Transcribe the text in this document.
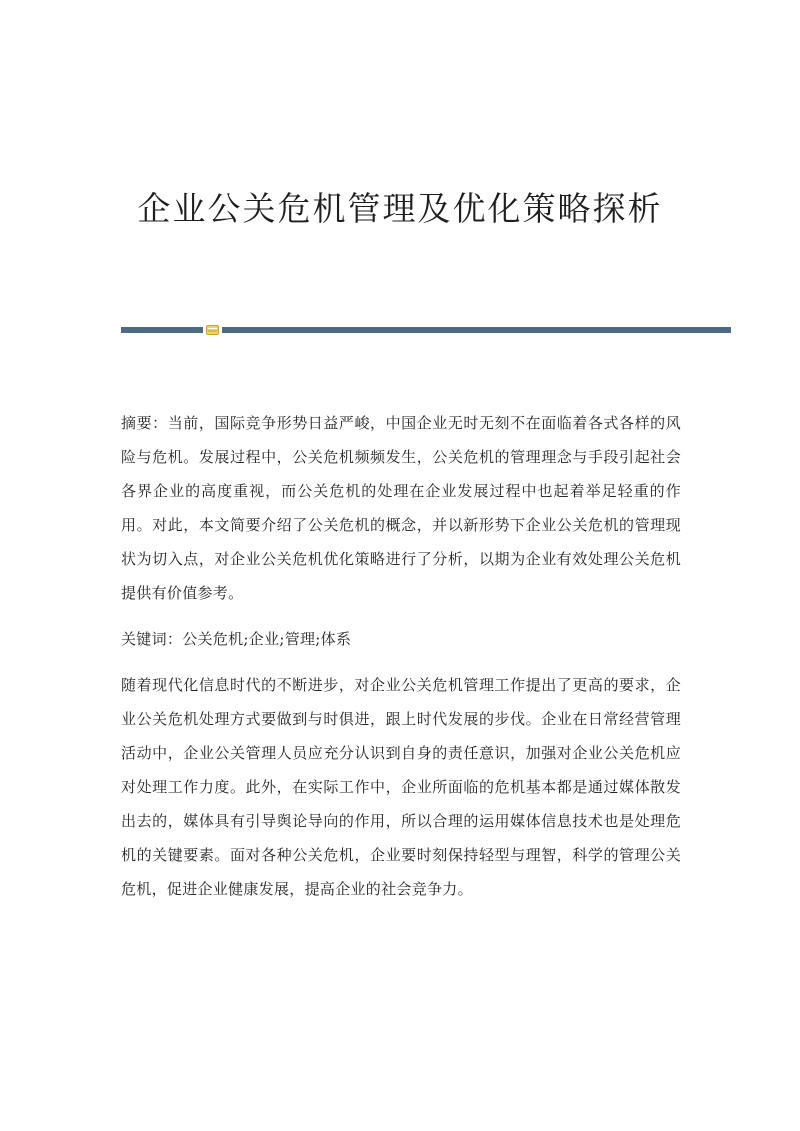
企业公关危机管理及优化策略探析

摘要：当前，国际竞争形势日益严峻，中国企业无时无刻不在面临着各式各样的风险与危机。发展过程中，公关危机频频发生，公关危机的管理理念与手段引起社会各界企业的高度重视，而公关危机的处理在企业发展过程中也起着举足轻重的作用。对此，本文简要介绍了公关危机的概念，并以新形势下企业公关危机的管理现状为切入点，对企业公关危机优化策略进行了分析，以期为企业有效处理公关危机提供有价值参考。

关键词：公关危机;企业;管理;体系

随着现代化信息时代的不断进步，对企业公关危机管理工作提出了更高的要求，企业公关危机处理方式要做到与时俱进，跟上时代发展的步伐。企业在日常经营管理活动中，企业公关管理人员应充分认识到自身的责任意识，加强对企业公关危机应对处理工作力度。此外，在实际工作中，企业所面临的危机基本都是通过媒体散发出去的，媒体具有引导舆论导向的作用，所以合理的运用媒体信息技术也是处理危机的关键要素。面对各种公关危机，企业要时刻保持轻型与理智，科学的管理公关危机，促进企业健康发展，提高企业的社会竞争力。
